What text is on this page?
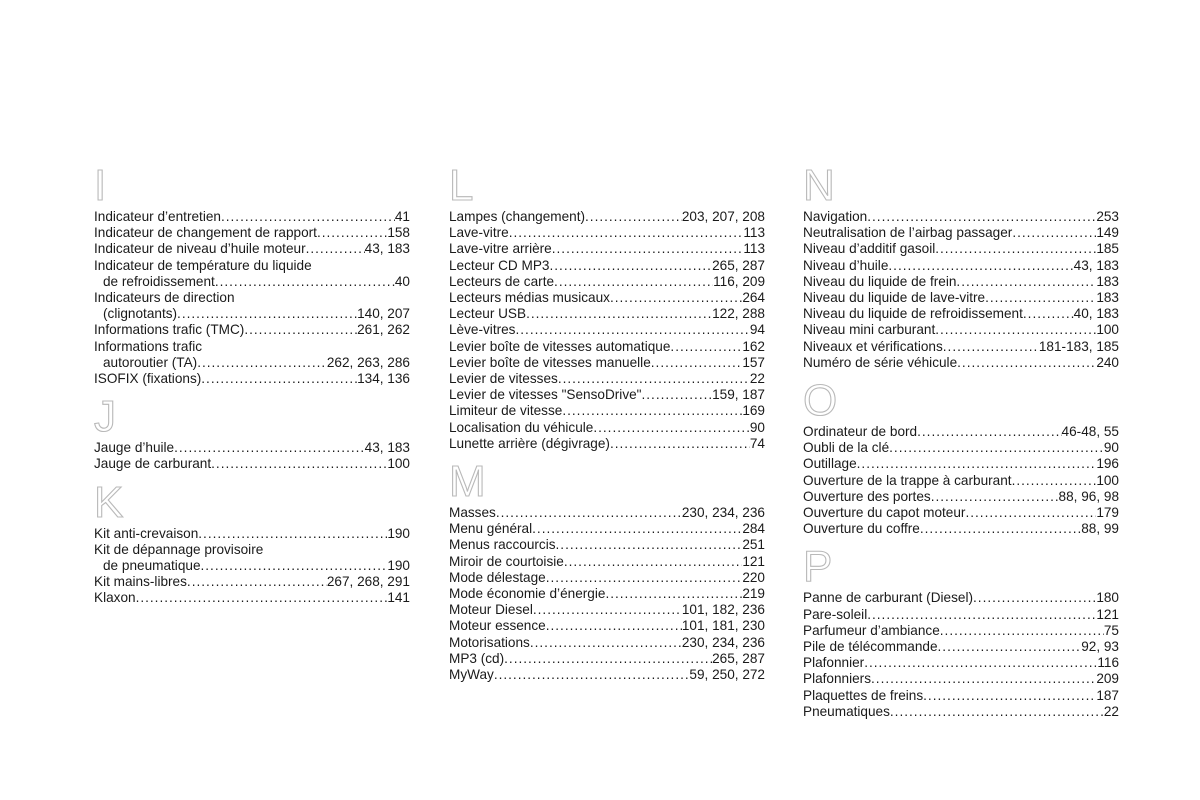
I
Indicateur d’entretien .....	41
Indicateur de changement de rapport .....	158
Indicateur de niveau d’huile moteur .....	43, 183
Indicateur de température du liquide
de refroidissement .....	40
Indicateurs de direction
(clignotants) .....	140, 207
Informations trafic (TMC) .....	261, 262
Informations trafic
autoroutier (TA) .....	262, 263, 286
ISOFIX (fixations) .....	134, 136
J
Jauge d’huile .....	43, 183
Jauge de carburant .....	100
K
Kit anti-crevaison .....	190
Kit de dépannage provisoire
de pneumatique .....	190
Kit mains-libres .....	267, 268, 291
Klaxon .....	141
L
Lampes (changement) .....	203, 207, 208
Lave-vitre .....	113
Lave-vitre arrière .....	113
Lecteur CD MP3 .....	265, 287
Lecteurs de carte .....	116, 209
Lecteurs médias musicaux .....	264
Lecteur USB .....	122, 288
Lève-vitres .....	94
Levier boîte de vitesses automatique .....	162
Levier boîte de vitesses manuelle .....	157
Levier de vitesses .....	22
Levier de vitesses "SensoDrive" .....	159, 187
Limiteur de vitesse .....	169
Localisation du véhicule .....	90
Lunette arrière (dégivrage) .....	74
M
Masses .....	230, 234, 236
Menu général .....	284
Menus raccourcis .....	251
Miroir de courtoisie .....	121
Mode délestage .....	220
Mode économie d’énergie .....	219
Moteur Diesel .....	101, 182, 236
Moteur essence .....	101, 181, 230
Motorisations .....	230, 234, 236
MP3 (cd) .....	265, 287
MyWay .....	59, 250, 272
N
Navigation .....	253
Neutralisation de l’airbag passager .....	149
Niveau d’additif gasoil .....	185
Niveau d’huile .....	43, 183
Niveau du liquide de frein .....	183
Niveau du liquide de lave-vitre .....	183
Niveau du liquide de refroidissement .....	40, 183
Niveau mini carburant .....	100
Niveaux et vérifications .....	181-183, 185
Numéro de série véhicule .....	240
O
Ordinateur de bord .....	46-48, 55
Oubli de la clé .....	90
Outillage .....	196
Ouverture de la trappe à carburant .....	100
Ouverture des portes .....	88, 96, 98
Ouverture du capot moteur .....	179
Ouverture du coffre .....	88, 99
P
Panne de carburant (Diesel) .....	180
Pare-soleil .....	121
Parfumeur d’ambiance .....	75
Pile de télécommande .....	92, 93
Plafonnier .....	116
Plafonniers .....	209
Plaquettes de freins .....	187
Pneumatiques .....	22
